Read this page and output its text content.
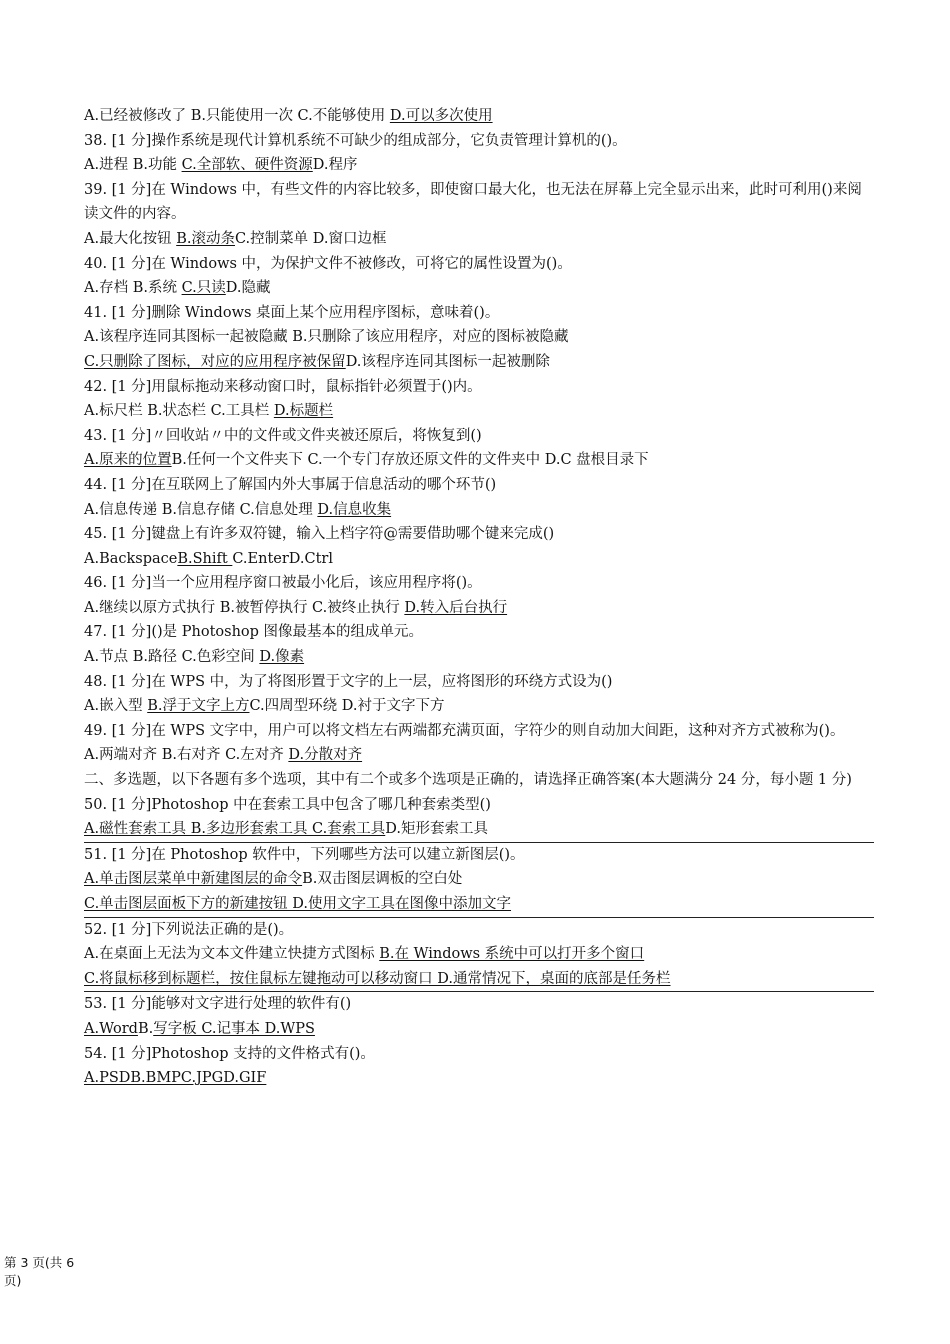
A.已经被修改了 B.只能使用一次 C.不能够使用 D.可以多次使用
38. [1 分]操作系统是现代计算机系统不可缺少的组成部分，它负责管理计算机的()。
A.进程 B.功能 C.全部软、硬件资源D.程序
39. [1 分]在 Windows 中，有些文件的内容比较多，即使窗口最大化，也无法在屏幕上完全显示出来，此时可利用()来阅读文件的内容。
A.最大化按钮 B.滚动条C.控制菜单 D.窗口边框
40. [1 分]在 Windows 中，为保护文件不被修改，可将它的属性设置为()。
A.存档 B.系统 C.只读D.隐藏
41. [1 分]删除 Windows 桌面上某个应用程序图标，意味着()。
A.该程序连同其图标一起被隐藏 B.只删除了该应用程序，对应的图标被隐藏
C.只删除了图标，对应的应用程序被保留D.该程序连同其图标一起被删除
42. [1 分]用鼠标拖动来移动窗口时，鼠标指针必须置于()内。
A.标尺栏 B.状态栏 C.工具栏 D.标题栏
43. [1 分]〃回收站〃中的文件或文件夹被还原后，将恢复到()
A.原来的位置B.任何一个文件夹下 C.一个专门存放还原文件的文件夹中 D.C 盘根目录下
44. [1 分]在互联网上了解国内外大事属于信息活动的哪个环节()
A.信息传递 B.信息存储 C.信息处理 D.信息收集
45. [1 分]键盘上有许多双符键，输入上档字符@需要借助哪个键来完成()
A.BackspaceB.Shift C.EnterD.Ctrl
46. [1 分]当一个应用程序窗口被最小化后，该应用程序将()。
A.继续以原方式执行 B.被暂停执行 C.被终止执行 D.转入后台执行
47. [1 分]()是 Photoshop 图像最基本的组成单元。
A.节点 B.路径 C.色彩空间 D.像素
48. [1 分]在 WPS 中，为了将图形置于文字的上一层，应将图形的环绕方式设为()
A.嵌入型 B.浮于文字上方C.四周型环绕 D.衬于文字下方
49. [1 分]在 WPS 文字中，用户可以将文档左右两端都充满页面，字符少的则自动加大间距，这种对齐方式被称为()。
A.两端对齐 B.右对齐 C.左对齐 D.分散对齐
二、多选题，以下各题有多个选项，其中有二个或多个选项是正确的，请选择正确答案(本大题满分 24 分，每小题 1 分)
50. [1 分]Photoshop 中在套索工具中包含了哪几种套索类型()
A.磁性套索工具 B.多边形套索工具 C.套索工具D.矩形套索工具
51. [1 分]在 Photoshop 软件中，下列哪些方法可以建立新图层()。
A.单击图层菜单中新建图层的命令B.双击图层调板的空白处
C.单击图层面板下方的新建按钮 D.使用文字工具在图像中添加文字
52. [1 分]下列说法正确的是()。
A.在桌面上无法为文本文件建立快捷方式图标 B.在 Windows 系统中可以打开多个窗口
C.将鼠标移到标题栏，按住鼠标左键拖动可以移动窗口 D.通常情况下，桌面的底部是任务栏
53. [1 分]能够对文字进行处理的软件有()
A.WordB.写字板 C.记事本 D.WPS
54. [1 分]Photoshop 支持的文件格式有()。
A.PSDB.BMPC.JPGD.GIF
第 3 页(共 6 页)
